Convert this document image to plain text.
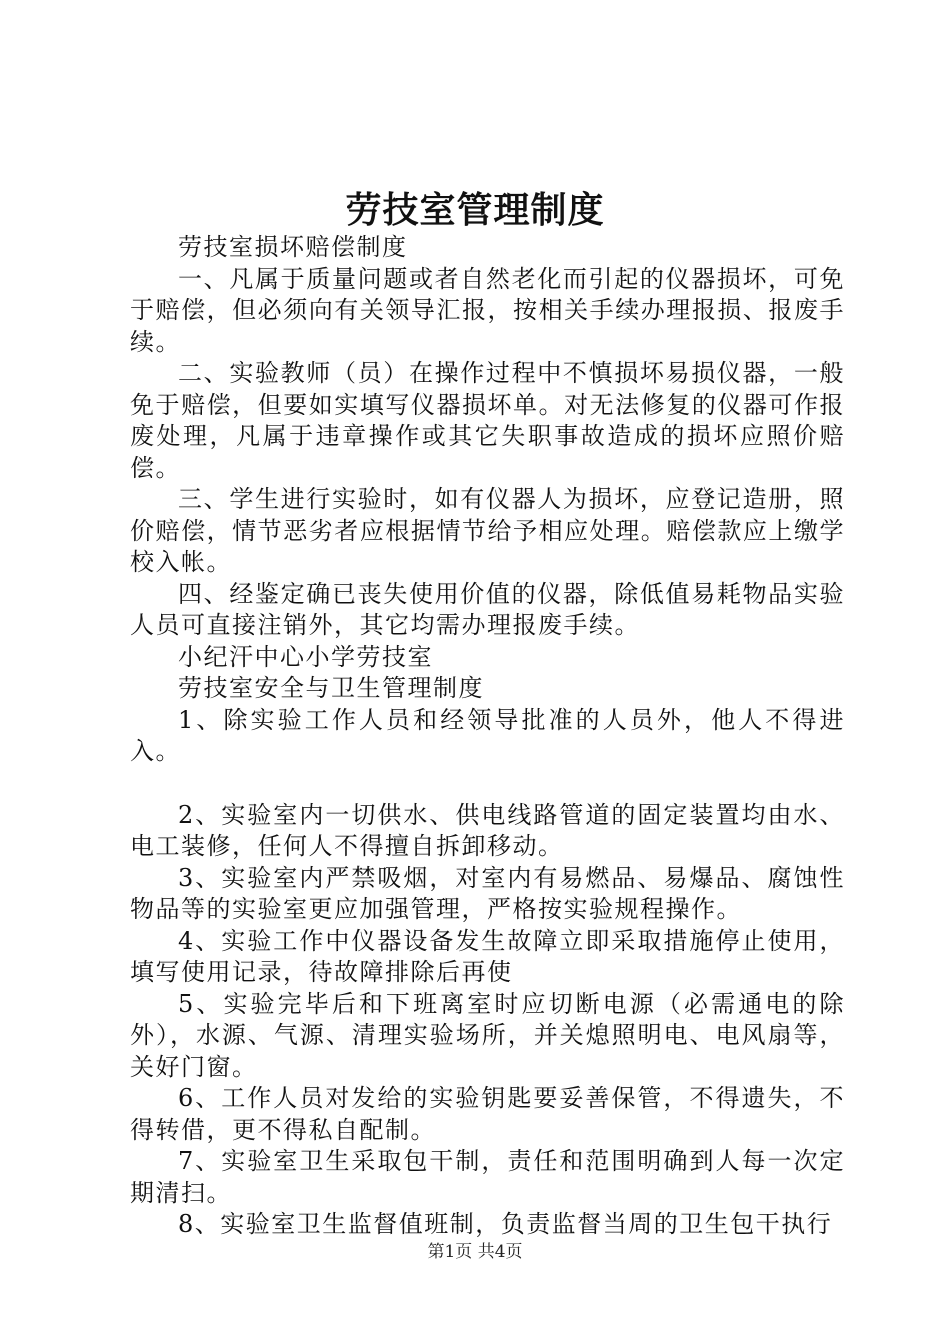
劳技室管理制度

劳技室损坏赔偿制度

一、凡属于质量问题或者自然老化而引起的仪器损坏，可免于赔偿，但必须向有关领导汇报，按相关手续办理报损、报废手续。

二、实验教师（员）在操作过程中不慎损坏易损仪器，一般免于赔偿，但要如实填写仪器损坏单。对无法修复的仪器可作报废处理，凡属于违章操作或其它失职事故造成的损坏应照价赔偿。

三、学生进行实验时，如有仪器人为损坏，应登记造册，照价赔偿，情节恶劣者应根据情节给予相应处理。赔偿款应上缴学校入帐。

四、经鉴定确已丧失使用价值的仪器，除低值易耗物品实验人员可直接注销外，其它均需办理报废手续。

小纪汗中心小学劳技室

劳技室安全与卫生管理制度

1、除实验工作人员和经领导批准的人员外，他人不得进入。

2、实验室内一切供水、供电线路管道的固定装置均由水、电工装修，任何人不得擅自拆卸移动。

3、实验室内严禁吸烟，对室内有易燃品、易爆品、腐蚀性物品等的实验室更应加强管理，严格按实验规程操作。

4、实验工作中仪器设备发生故障立即采取措施停止使用，填写使用记录，待故障排除后再使

5、实验完毕后和下班离室时应切断电源（必需通电的除外），水源、气源、清理实验场所，并关熄照明电、电风扇等，关好门窗。

6、工作人员对发给的实验钥匙要妥善保管，不得遗失，不得转借，更不得私自配制。

7、实验室卫生采取包干制，责任和范围明确到人每一次定期清扫。

8、实验室卫生监督值班制，负责监督当周的卫生包干执行

第1页 共4页
